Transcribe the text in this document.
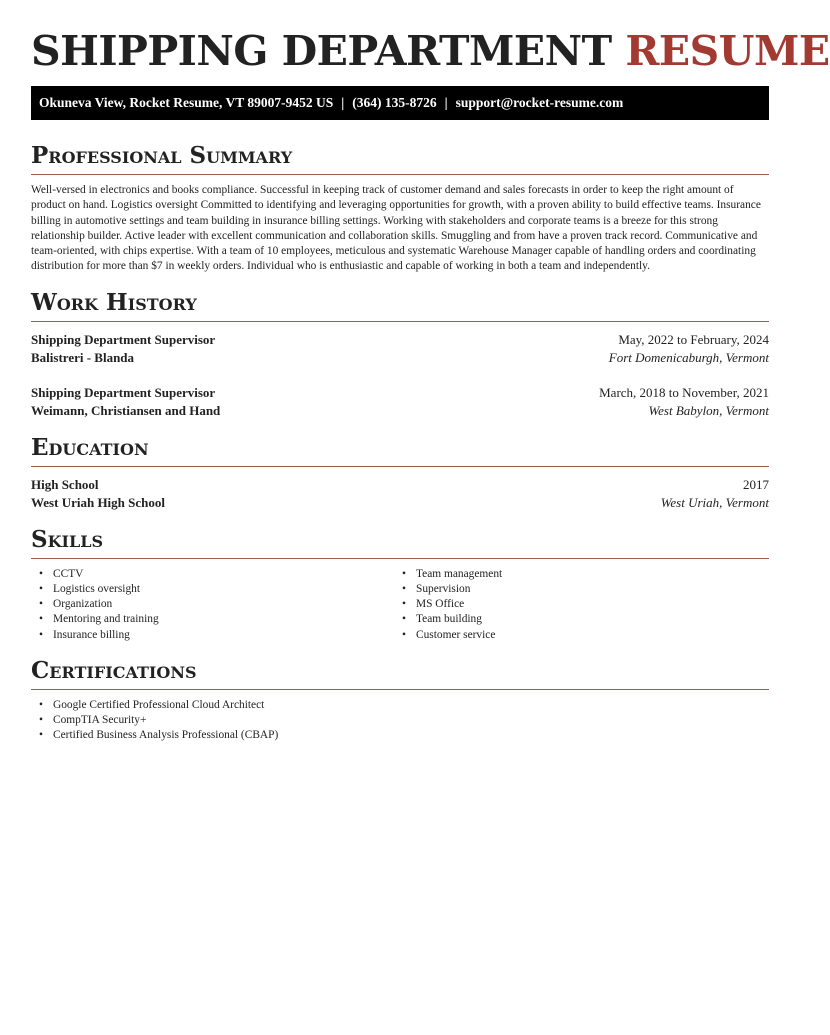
SHIPPING DEPARTMENT RESUME
Okuneva View, Rocket Resume, VT 89007-9452 US | (364) 135-8726 | support@rocket-resume.com
Professional Summary

Well-versed in electronics and books compliance. Successful in keeping track of customer demand and sales forecasts in order to keep the right amount of product on hand. Logistics oversight Committed to identifying and leveraging opportunities for growth, with a proven ability to build effective teams. Insurance billing in automotive settings and team building in insurance billing settings. Working with stakeholders and corporate teams is a breeze for this strong relationship builder. Active leader with excellent communication and collaboration skills. Smuggling and from have a proven track record. Communicative and team-oriented, with chips expertise. With a team of 10 employees, meticulous and systematic Warehouse Manager capable of handling orders and coordinating distribution for more than $7 in weekly orders. Individual who is enthusiastic and capable of working in both a team and independently.

Work History
Shipping Department Supervisor	May, 2022 to February, 2024
Balistreri - Blanda	Fort Domenicaburgh, Vermont
Shipping Department Supervisor	March, 2018 to November, 2021
Weimann, Christiansen and Hand	West Babylon, Vermont
Education
High School	2017
West Uriah High School	West Uriah, Vermont
Skills
• CCTV
• Logistics oversight
• Organization
• Mentoring and training
• Insurance billing
• Team management
• Supervision
• MS Office
• Team building
• Customer service
Certifications
• Google Certified Professional Cloud Architect
• CompTIA Security+
• Certified Business Analysis Professional (CBAP)
